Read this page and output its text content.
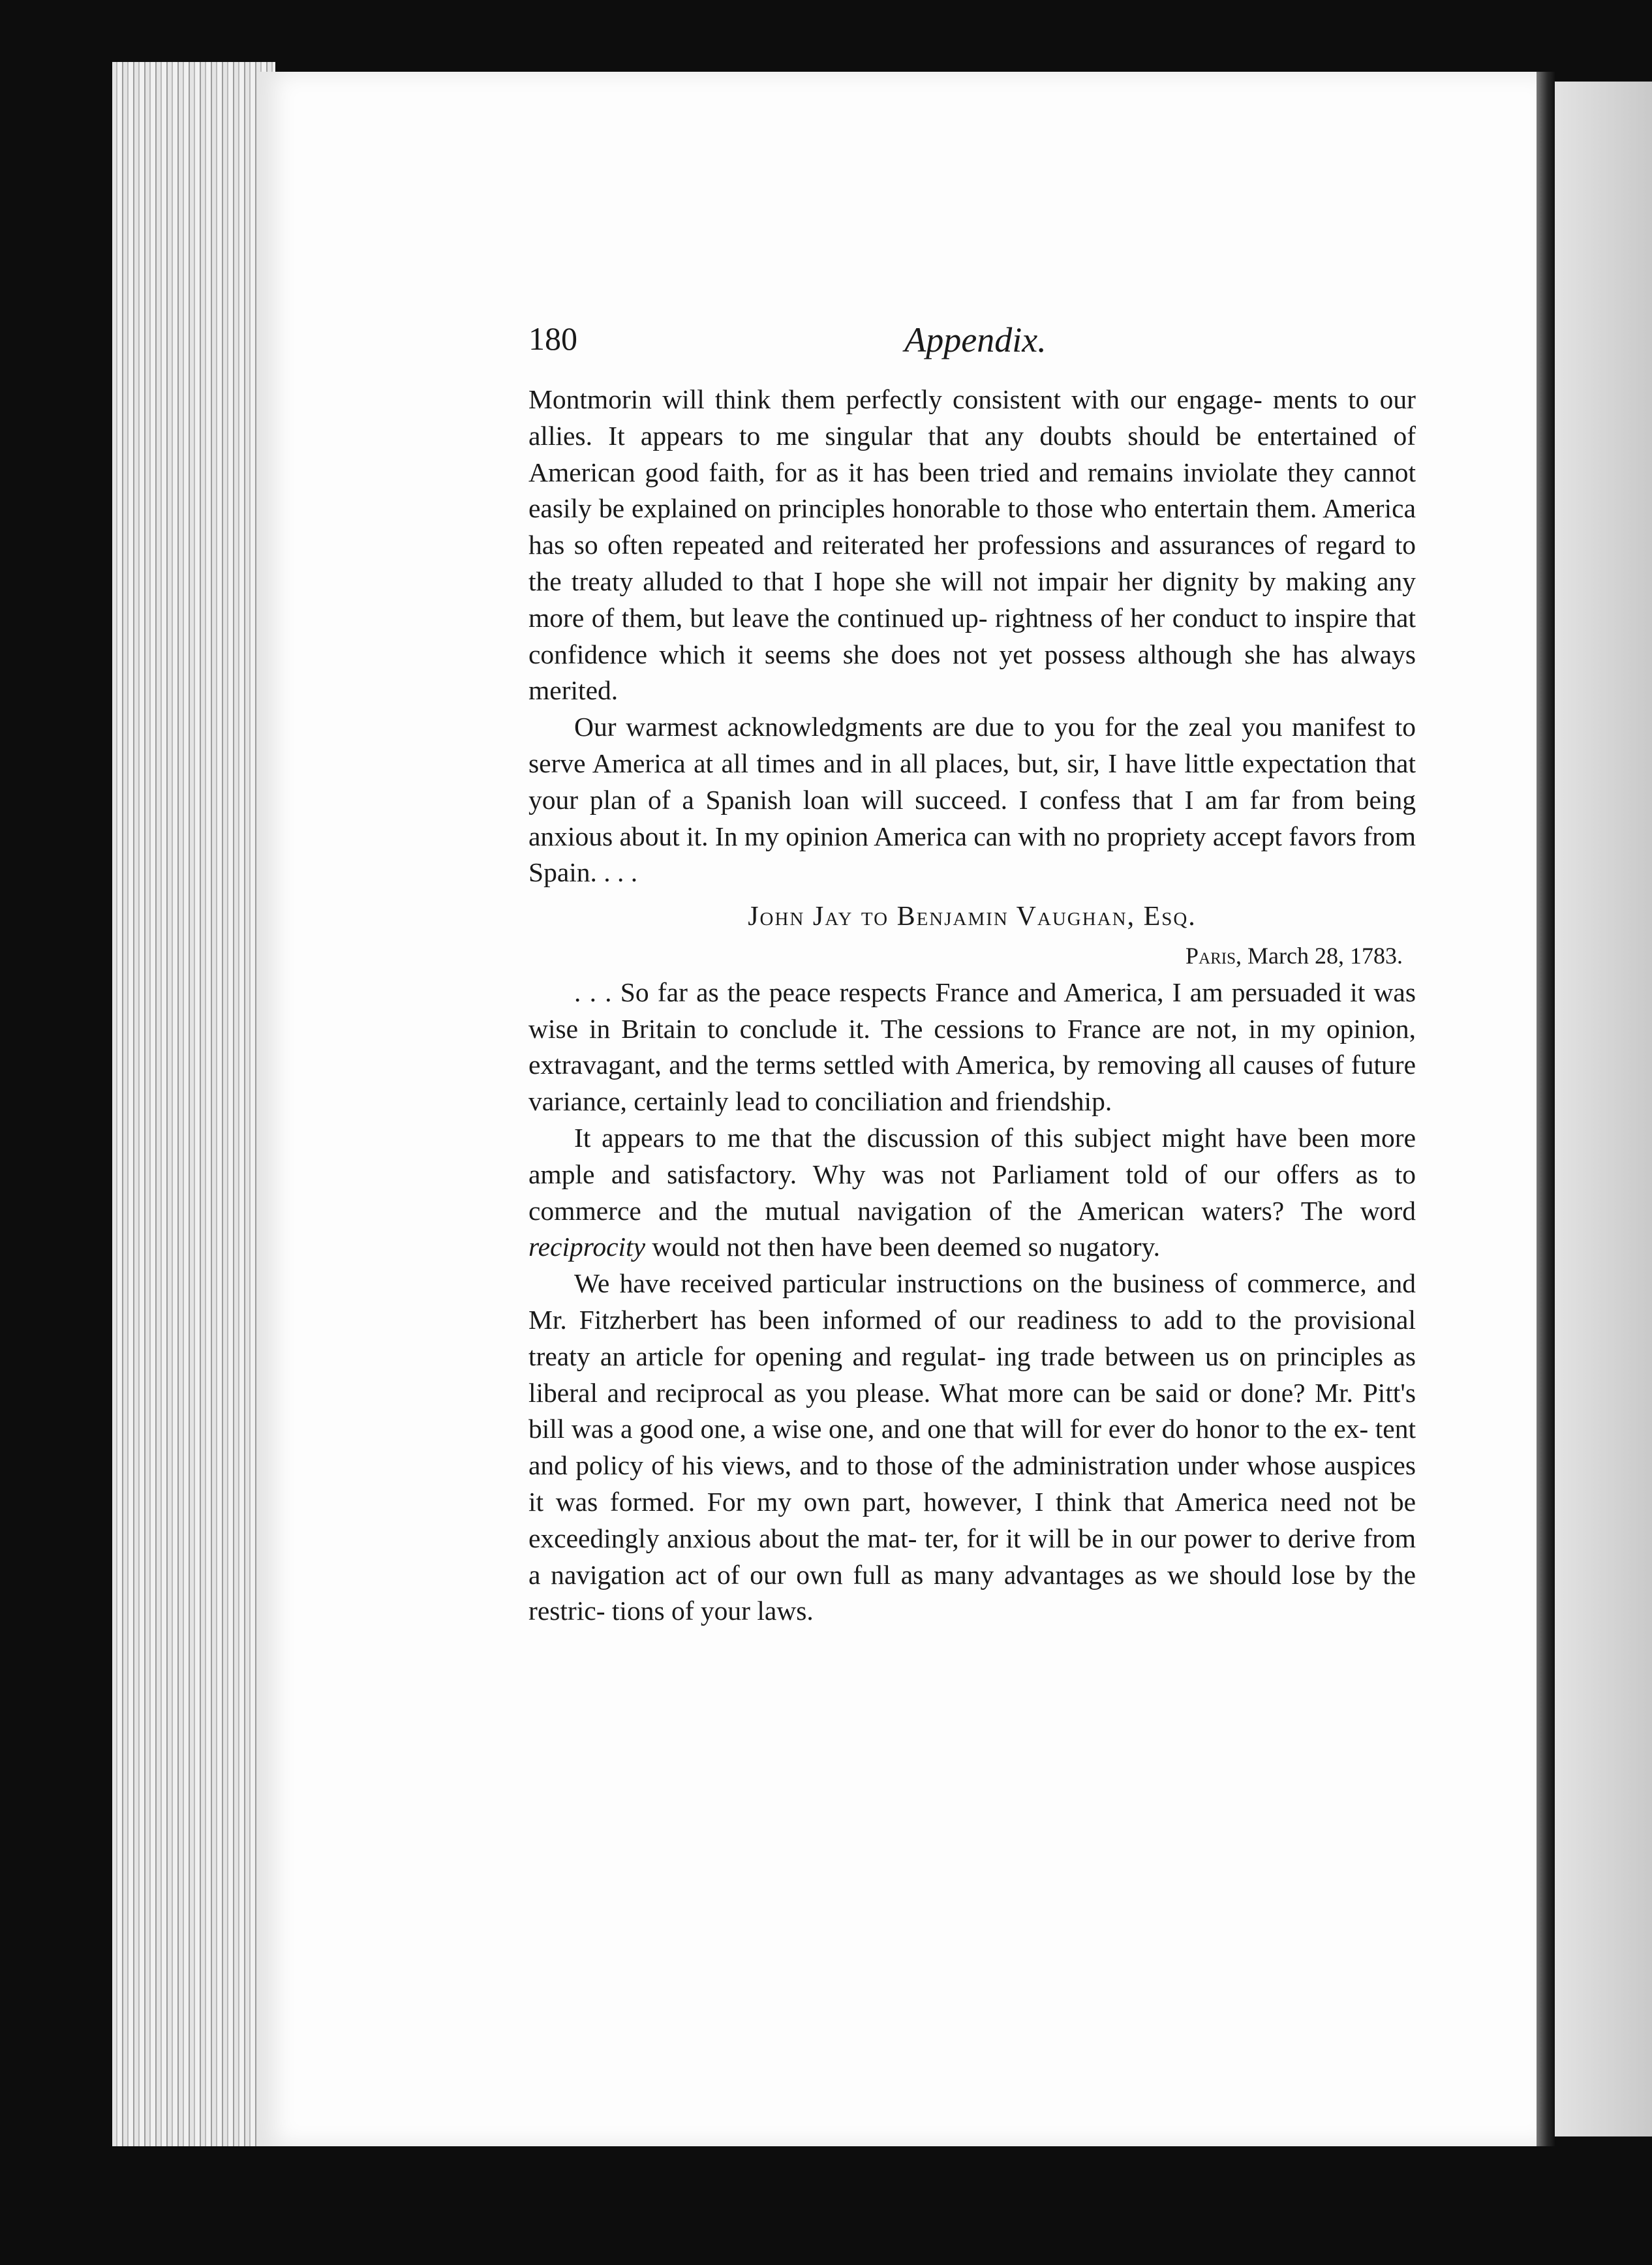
180	Appendix.

Montmorin will think them perfectly consistent with our engage- ments to our allies. It appears to me singular that any doubts should be entertained of American good faith, for as it has been tried and remains inviolate they cannot easily be explained on principles honorable to those who entertain them. America has so often repeated and reiterated her professions and assurances of regard to the treaty alluded to that I hope she will not impair her dignity by making any more of them, but leave the continued up- rightness of her conduct to inspire that confidence which it seems she does not yet possess although she has always merited.

Our warmest acknowledgments are due to you for the zeal you manifest to serve America at all times and in all places, but, sir, I have little expectation that your plan of a Spanish loan will succeed. I confess that I am far from being anxious about it. In my opinion America can with no propriety accept favors from Spain. . . .

John Jay to Benjamin Vaughan, Esq.

Paris, March 28, 1783.

. . . So far as the peace respects France and America, I am persuaded it was wise in Britain to conclude it. The cessions to France are not, in my opinion, extravagant, and the terms settled with America, by removing all causes of future variance, certainly lead to conciliation and friendship.

It appears to me that the discussion of this subject might have been more ample and satisfactory. Why was not Parliament told of our offers as to commerce and the mutual navigation of the American waters? The word reciprocity would not then have been deemed so nugatory.

We have received particular instructions on the business of commerce, and Mr. Fitzherbert has been informed of our readiness to add to the provisional treaty an article for opening and regulat- ing trade between us on principles as liberal and reciprocal as you please. What more can be said or done? Mr. Pitt's bill was a good one, a wise one, and one that will for ever do honor to the ex- tent and policy of his views, and to those of the administration under whose auspices it was formed. For my own part, however, I think that America need not be exceedingly anxious about the mat- ter, for it will be in our power to derive from a navigation act of our own full as many advantages as we should lose by the restric- tions of your laws.
